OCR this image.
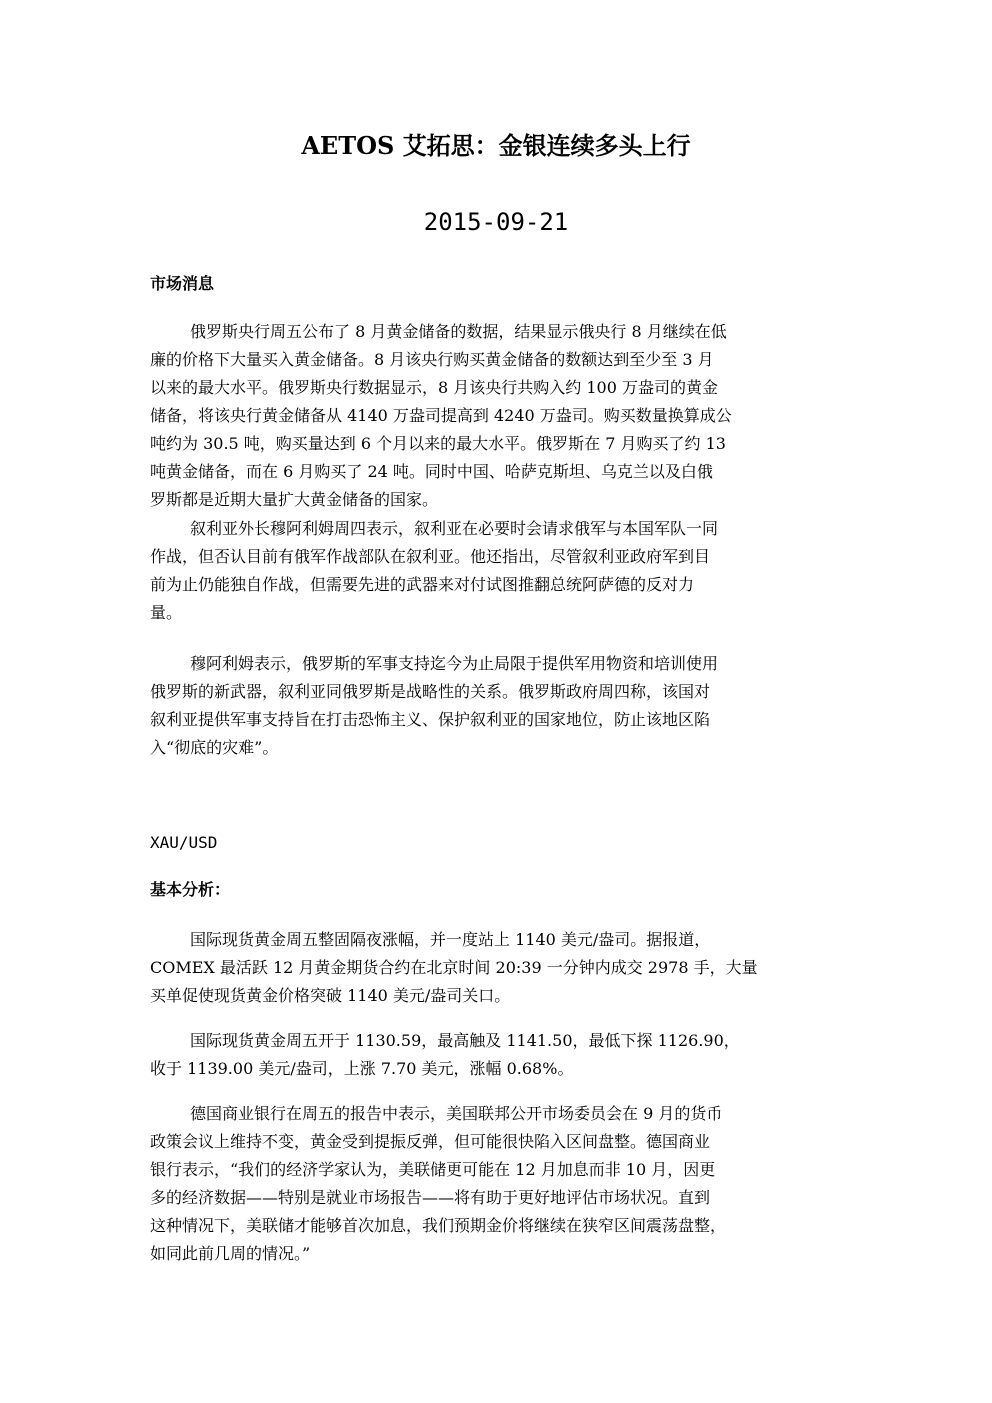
AETOS 艾拓思：金银连续多头上行
2015-09-21
市场消息

俄罗斯央行周五公布了 8 月黄金储备的数据，结果显示俄央行 8 月继续在低
廉的价格下大量买入黄金储备。8 月该央行购买黄金储备的数额达到至少至 3 月
以来的最大水平。俄罗斯央行数据显示，8 月该央行共购入约 100 万盎司的黄金
储备，将该央行黄金储备从 4140 万盎司提高到 4240 万盎司。购买数量换算成公
吨约为 30.5 吨，购买量达到 6 个月以来的最大水平。俄罗斯在 7 月购买了约 13
吨黄金储备，而在 6 月购买了 24 吨。同时中国、哈萨克斯坦、乌克兰以及白俄
罗斯都是近期大量扩大黄金储备的国家。

叙利亚外长穆阿利姆周四表示，叙利亚在必要时会请求俄军与本国军队一同
作战，但否认目前有俄军作战部队在叙利亚。他还指出，尽管叙利亚政府军到目
前为止仍能独自作战，但需要先进的武器来对付试图推翻总统阿萨德的反对力
量。

穆阿利姆表示，俄罗斯的军事支持迄今为止局限于提供军用物资和培训使用
俄罗斯的新武器，叙利亚同俄罗斯是战略性的关系。俄罗斯政府周四称，该国对
叙利亚提供军事支持旨在打击恐怖主义、保护叙利亚的国家地位，防止该地区陷
入“彻底的灾难”。

XAU/USD
基本分析：

国际现货黄金周五整固隔夜涨幅，并一度站上 1140 美元/盎司。据报道，
COMEX 最活跃 12 月黄金期货合约在北京时间 20:39 一分钟内成交 2978 手，大量
买单促使现货黄金价格突破 1140 美元/盎司关口。

国际现货黄金周五开于 1130.59，最高触及 1141.50，最低下探 1126.90，
收于 1139.00 美元/盎司，上涨 7.70 美元，涨幅 0.68%。

德国商业银行在周五的报告中表示，美国联邦公开市场委员会在 9 月的货币
政策会议上维持不变，黄金受到提振反弹，但可能很快陷入区间盘整。德国商业
银行表示，“我们的经济学家认为，美联储更可能在 12 月加息而非 10 月，因更
多的经济数据——特别是就业市场报告——将有助于更好地评估市场状况。直到
这种情况下，美联储才能够首次加息，我们预期金价将继续在狭窄区间震荡盘整，
如同此前几周的情况。”
